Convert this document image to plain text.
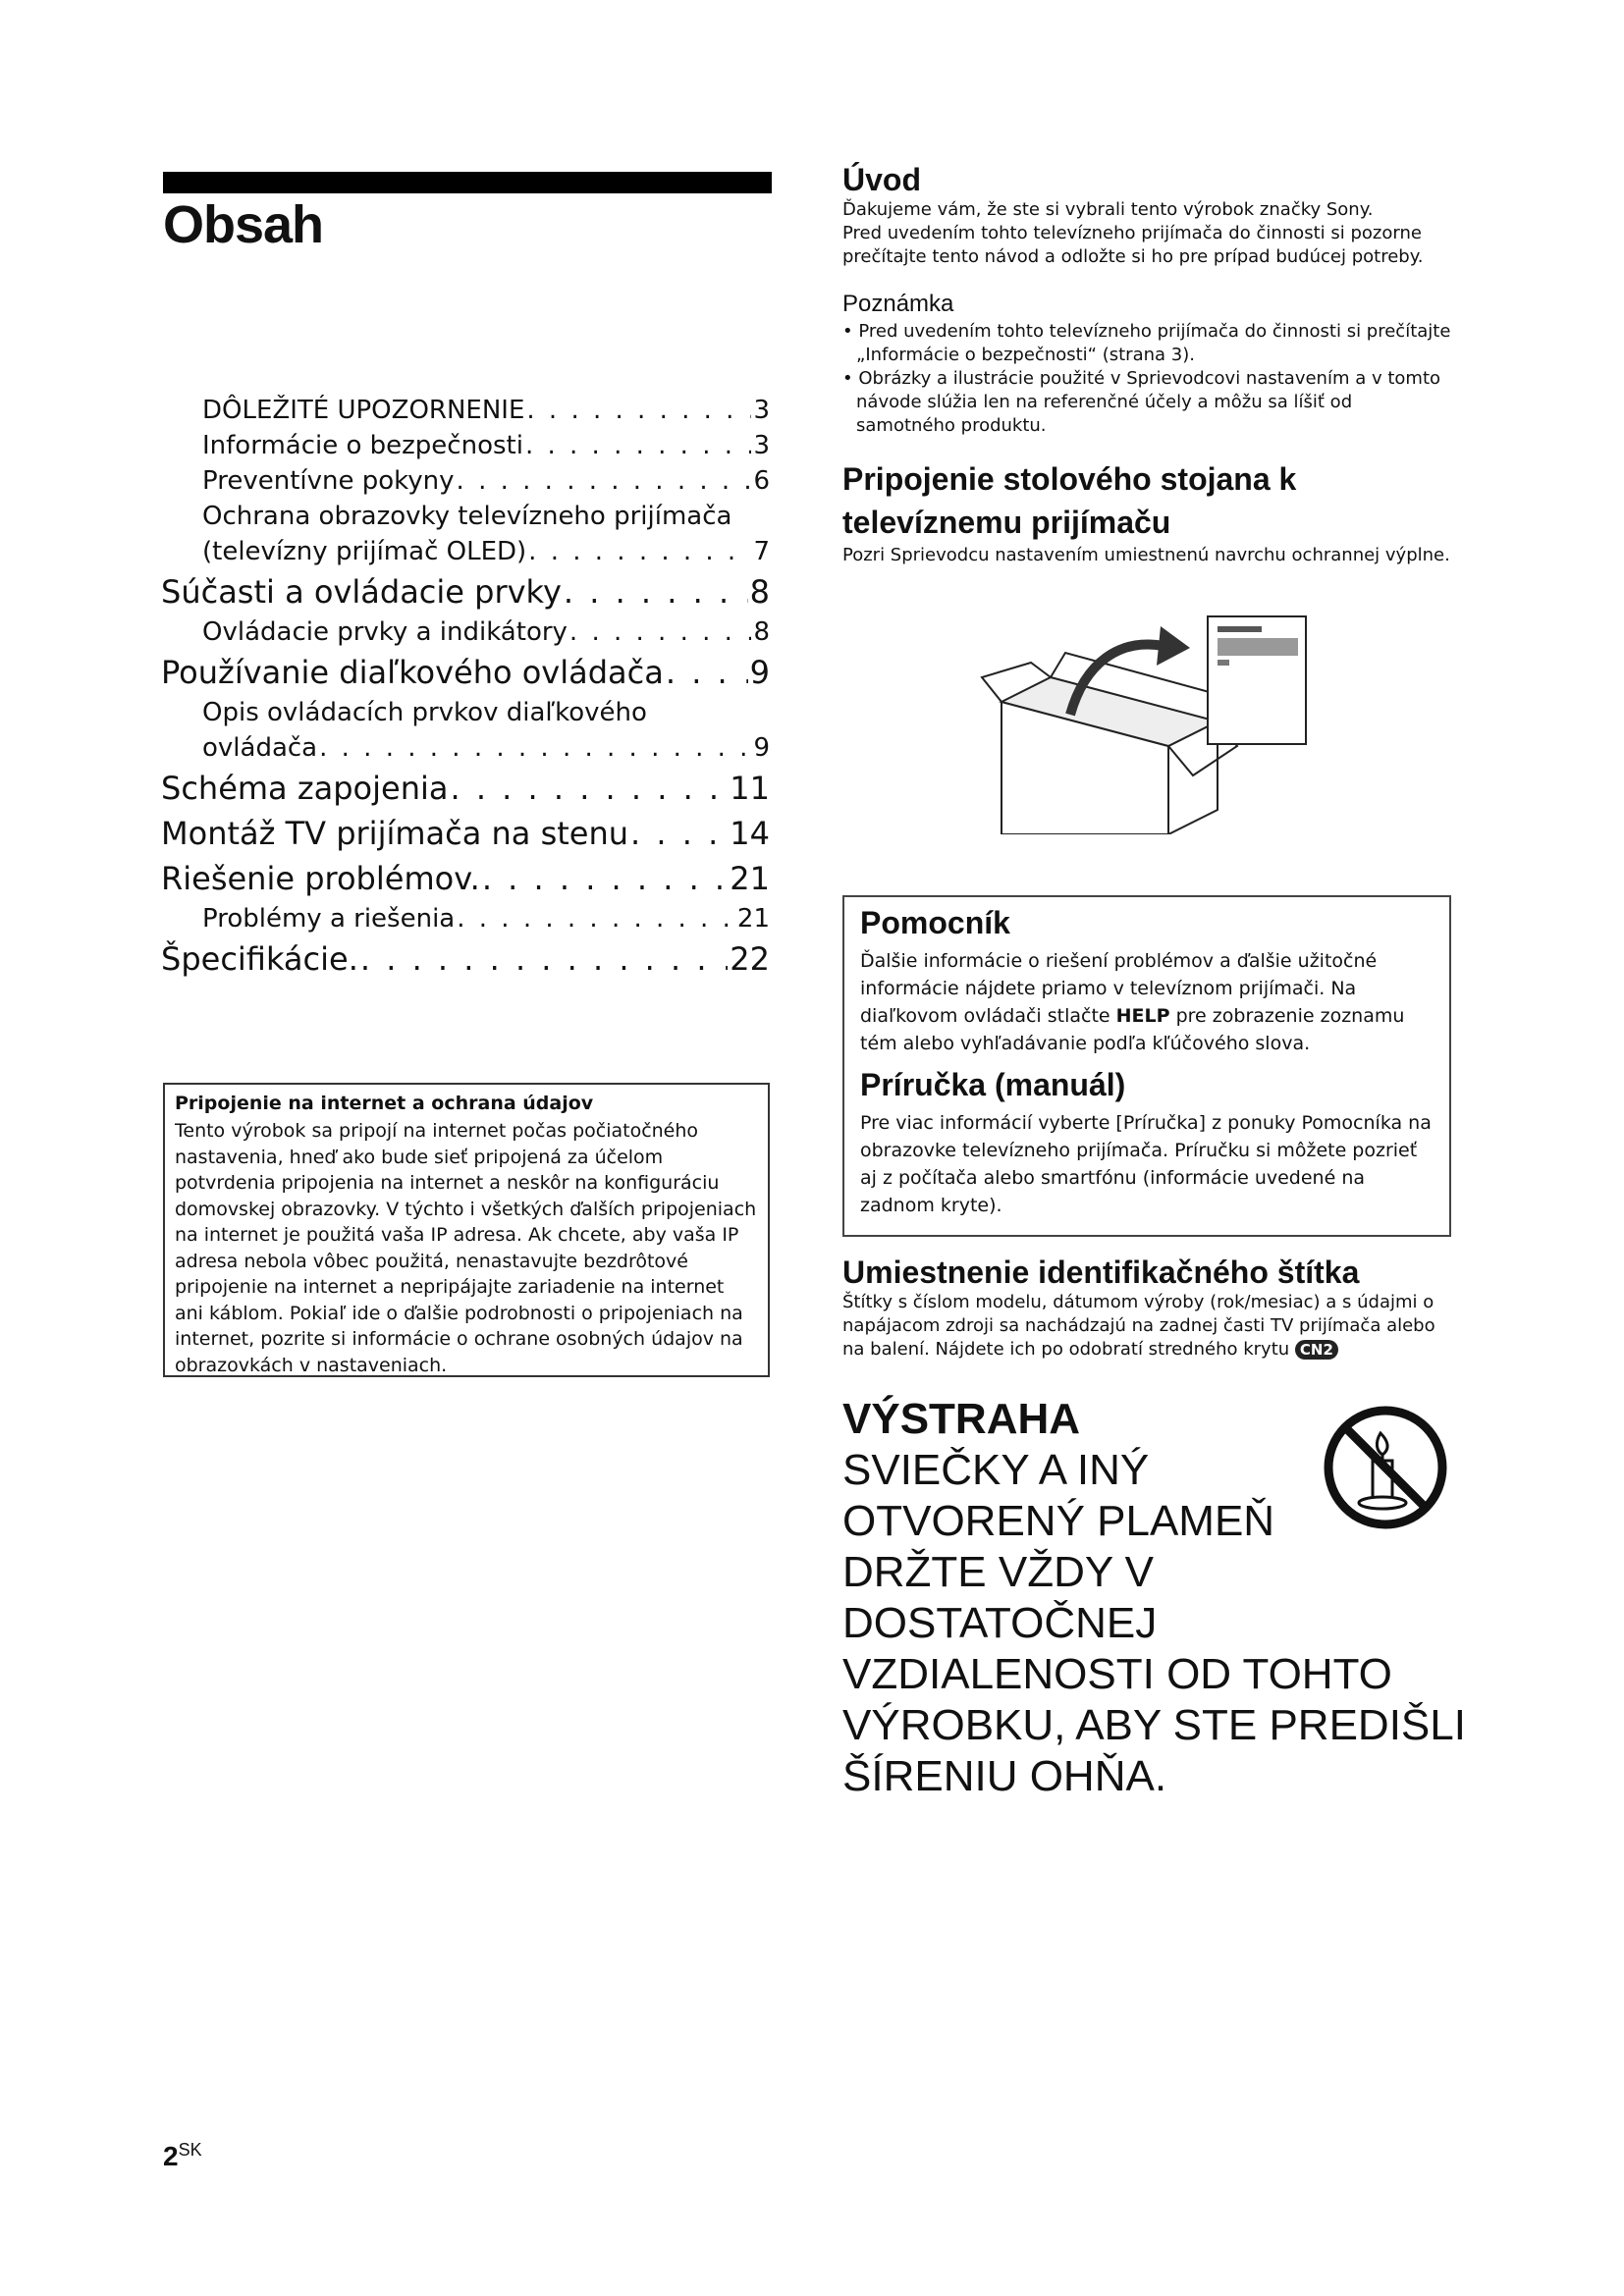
Obsah
DÔLEŽITÉ UPOZORNENIE . . .	3
Informácie o bezpečnosti . . .	3
Preventívne pokyny . . .	6
Ochrana obrazovky televízneho prijímača
(televízny prijímač OLED) . . .	7
Súčasti a ovládacie prvky . . .	8
Ovládacie prvky a indikátory . . .	8
Používanie diaľkového ovládača . . .	9
Opis ovládacích prvkov diaľkového
ovládača . . .	9
Schéma zapojenia . . .	11
Montáž TV prijímača na stenu . . .	14
Riešenie problémov. . . .	21
Problémy a riešenia . . .	21
Špecifikácie. . . .	22
Pripojenie na internet a ochrana údajov

Tento výrobok sa pripojí na internet počas počiatočného nastavenia, hneď ako bude sieť pripojená za účelom potvrdenia pripojenia na internet a neskôr na konfiguráciu domovskej obrazovky. V týchto i všetkých ďalších pripojeniach na internet je použitá vaša IP adresa. Ak chcete, aby vaša IP adresa nebola vôbec použitá, nenastavujte bezdrôtové pripojenie na internet a nepripájajte zariadenie na internet ani káblom. Pokiaľ ide o ďalšie podrobnosti o pripojeniach na internet, pozrite si informácie o ochrane osobných údajov na obrazovkách v nastaveniach.

$2^{SK}$
Úvod

Ďakujeme vám, že ste si vybrali tento výrobok značky Sony.

Pred uvedením tohto televízneho prijímača do činnosti si pozorne prečítajte tento návod a odložte si ho pre prípad budúcej potreby.

Poznámka
• Pred uvedením tohto televízneho prijímača do činnosti si prečítajte „Informácie o bezpečnosti“ (strana 3).
• Obrázky a ilustrácie použité v Sprievodcovi nastavením a v tomto návode slúžia len na referenčné účely a môžu sa líšiť od samotného produktu.
Pripojenie stolového stojana k televíznemu prijímaču

Pozri Sprievodcu nastavením umiestnenú navrchu ochrannej výplne.

Pomocník

Ďalšie informácie o riešení problémov a ďalšie užitočné informácie nájdete priamo v televíznom prijímači. Na diaľkovom ovládači stlačte HELP pre zobrazenie zoznamu tém alebo vyhľadávanie podľa kľúčového slova.

Príručka (manuál)

Pre viac informácií vyberte [Príručka] z ponuky Pomocníka na obrazovke televízneho prijímača. Príručku si môžete pozrieť aj z počítača alebo smartfónu (informácie uvedené na zadnom kryte).

Umiestnenie identifikačného štítka

Štítky s číslom modelu, dátumom výroby (rok/mesiac) a s údajmi o napájacom zdroji sa nachádzajú na zadnej časti TV prijímača alebo na balení. Nájdete ich po odobratí stredného krytu CN2

VÝSTRAHA

SVIEČKY A INÝ

OTVORENÝ PLAMEŇ

DRŽTE VŽDY V DOSTATOČNEJ

VZDIALENOSTI OD TOHTO

VÝROBKU, ABY STE PREDIŠLI

ŠÍRENIU OHŇA.
